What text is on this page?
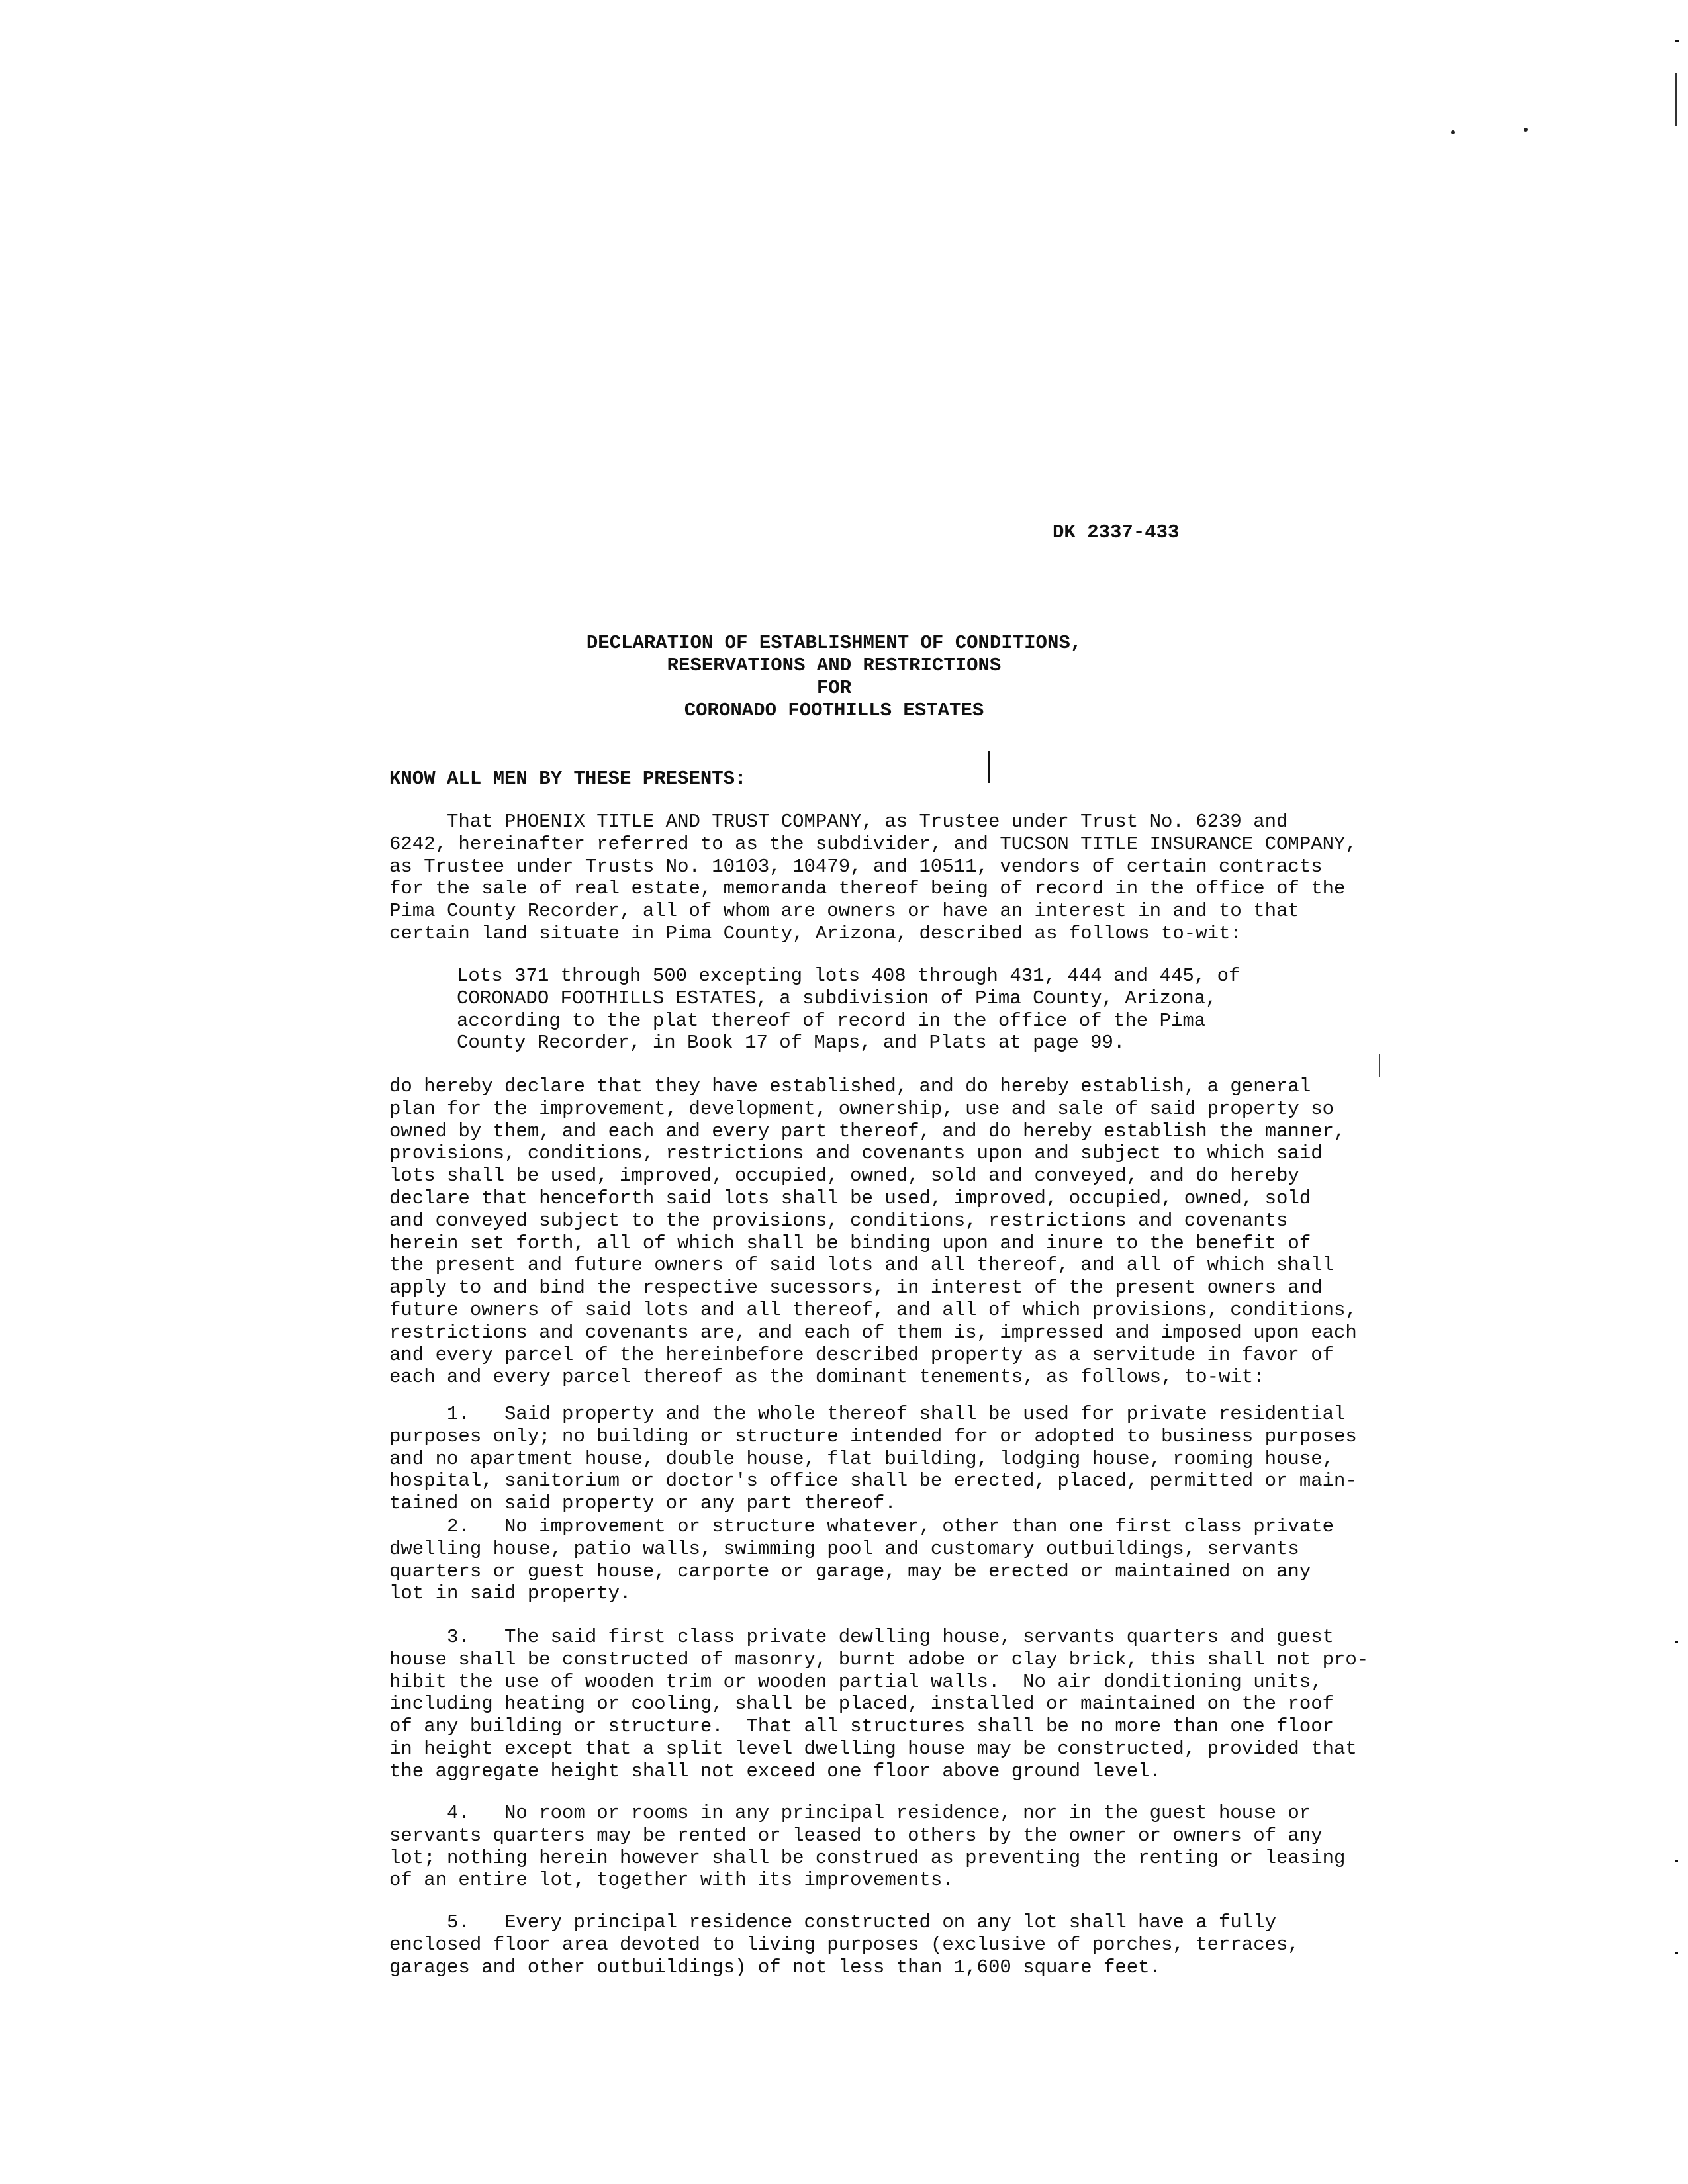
DK 2337-433
DECLARATION OF ESTABLISHMENT OF CONDITIONS,
RESERVATIONS AND RESTRICTIONS
FOR
CORONADO FOOTHILLS ESTATES
KNOW ALL MEN BY THESE PRESENTS:
That PHOENIX TITLE AND TRUST COMPANY, as Trustee under Trust No. 6239 and
6242, hereinafter referred to as the subdivider, and TUCSON TITLE INSURANCE COMPANY,
as Trustee under Trusts No. 10103, 10479, and 10511, vendors of certain contracts
for the sale of real estate, memoranda thereof being of record in the office of the
Pima County Recorder, all of whom are owners or have an interest in and to that
certain land situate in Pima County, Arizona, described as follows to-wit:
Lots 371 through 500 excepting lots 408 through 431, 444 and 445, of
CORONADO FOOTHILLS ESTATES, a subdivision of Pima County, Arizona,
according to the plat thereof of record in the office of the Pima
County Recorder, in Book 17 of Maps, and Plats at page 99.
do hereby declare that they have established, and do hereby establish, a general
plan for the improvement, development, ownership, use and sale of said property so
owned by them, and each and every part thereof, and do hereby establish the manner,
provisions, conditions, restrictions and covenants upon and subject to which said
lots shall be used, improved, occupied, owned, sold and conveyed, and do hereby
declare that henceforth said lots shall be used, improved, occupied, owned, sold
and conveyed subject to the provisions, conditions, restrictions and covenants
herein set forth, all of which shall be binding upon and inure to the benefit of
the present and future owners of said lots and all thereof, and all of which shall
apply to and bind the respective sucessors, in interest of the present owners and
future owners of said lots and all thereof, and all of which provisions, conditions,
restrictions and covenants are, and each of them is, impressed and imposed upon each
and every parcel of the hereinbefore described property as a servitude in favor of
each and every parcel thereof as the dominant tenements, as follows, to-wit:
1.   Said property and the whole thereof shall be used for private residential
purposes only; no building or structure intended for or adopted to business purposes
and no apartment house, double house, flat building, lodging house, rooming house,
hospital, sanitorium or doctor's office shall be erected, placed, permitted or main-
tained on said property or any part thereof.
2.   No improvement or structure whatever, other than one first class private
dwelling house, patio walls, swimming pool and customary outbuildings, servants
quarters or guest house, carporte or garage, may be erected or maintained on any
lot in said property.
3.   The said first class private dewlling house, servants quarters and guest
house shall be constructed of masonry, burnt adobe or clay brick, this shall not pro-
hibit the use of wooden trim or wooden partial walls.  No air donditioning units,
including heating or cooling, shall be placed, installed or maintained on the roof
of any building or structure.  That all structures shall be no more than one floor
in height except that a split level dwelling house may be constructed, provided that
the aggregate height shall not exceed one floor above ground level.
4.   No room or rooms in any principal residence, nor in the guest house or
servants quarters may be rented or leased to others by the owner or owners of any
lot; nothing herein however shall be construed as preventing the renting or leasing
of an entire lot, together with its improvements.
5.   Every principal residence constructed on any lot shall have a fully
enclosed floor area devoted to living purposes (exclusive of porches, terraces,
garages and other outbuildings) of not less than 1,600 square feet.
